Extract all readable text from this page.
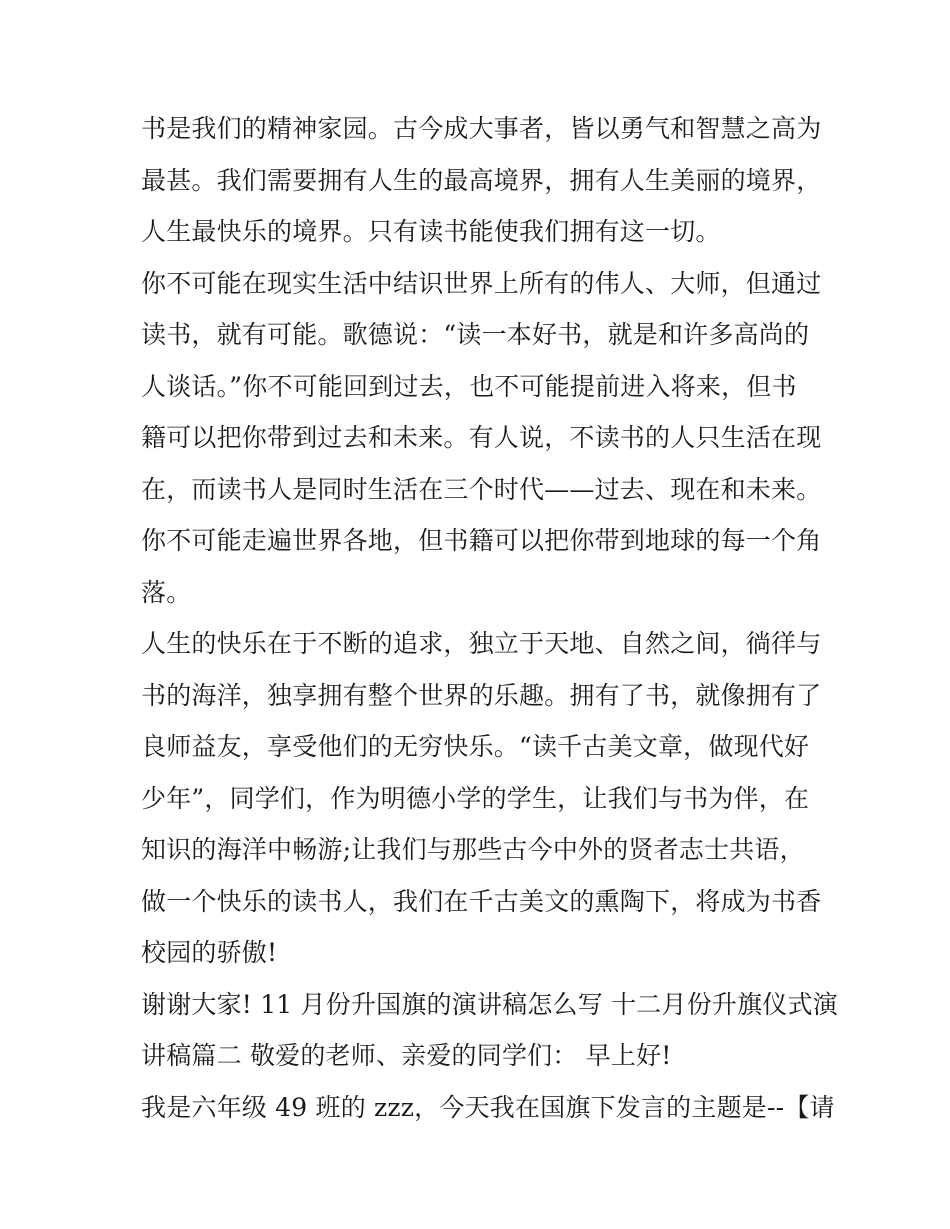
书是我们的精神家园。古今成大事者，皆以勇气和智慧之高为
最甚。我们需要拥有人生的最高境界，拥有人生美丽的境界，
人生最快乐的境界。只有读书能使我们拥有这一切。
你不可能在现实生活中结识世界上所有的伟人、大师，但通过
读书，就有可能。歌德说：“读一本好书，就是和许多高尚的
人谈话。”你不可能回到过去，也不可能提前进入将来，但书
籍可以把你带到过去和未来。有人说，不读书的人只生活在现
在，而读书人是同时生活在三个时代——过去、现在和未来。
你不可能走遍世界各地，但书籍可以把你带到地球的每一个角
落。
人生的快乐在于不断的追求，独立于天地、自然之间，徜徉与
书的海洋，独享拥有整个世界的乐趣。拥有了书，就像拥有了
良师益友，享受他们的无穷快乐。“读千古美文章，做现代好
少年”，同学们，作为明德小学的学生，让我们与书为伴，在
知识的海洋中畅游;让我们与那些古今中外的贤者志士共语，
做一个快乐的读书人，我们在千古美文的熏陶下，将成为书香
校园的骄傲!
谢谢大家! 11 月份升国旗的演讲稿怎么写 十二月份升旗仪式演
讲稿篇二 敬爱的老师、亲爱的同学们： 早上好!
我是六年级 49 班的 zzz，今天我在国旗下发言的主题是--【请
